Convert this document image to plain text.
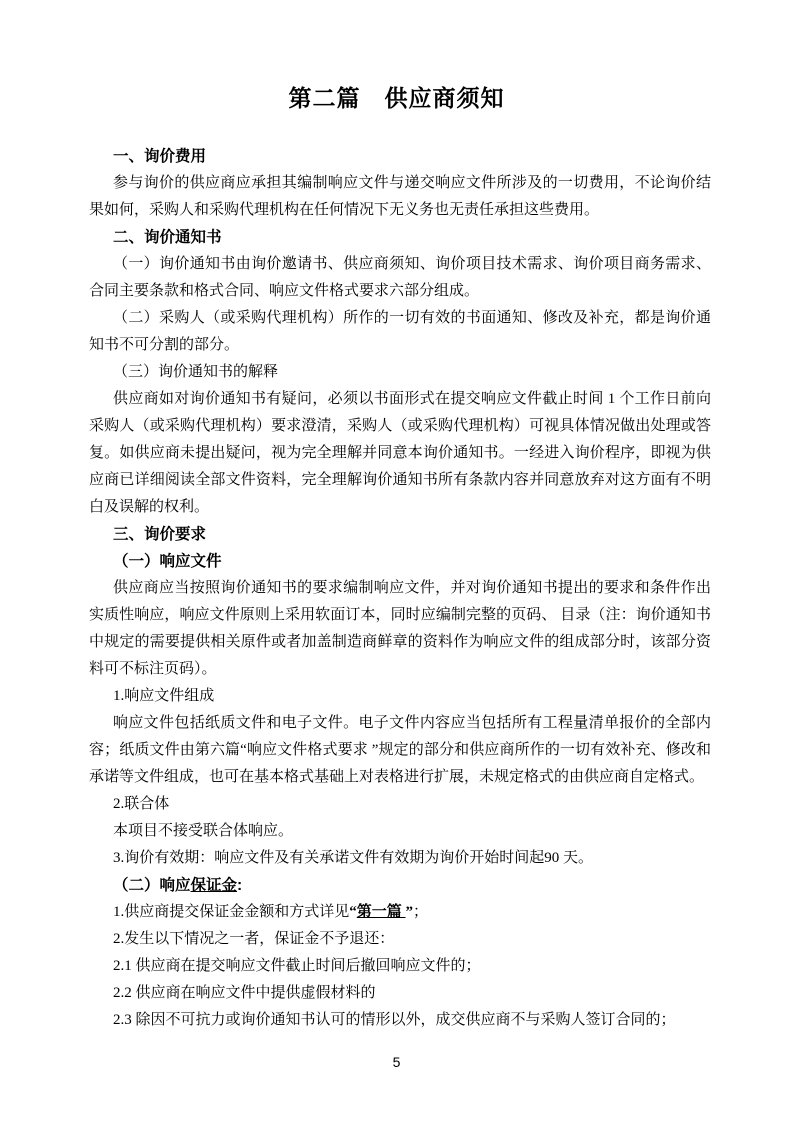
第二篇　供应商须知

一、询价费用

参与询价的供应商应承担其编制响应文件与递交响应文件所涉及的一切费用，不论询价结果如何，采购人和采购代理机构在任何情况下无义务也无责任承担这些费用。

二、询价通知书

（一）询价通知书由询价邀请书、供应商须知、询价项目技术需求、询价项目商务需求、合同主要条款和格式合同、响应文件格式要求六部分组成。

（二）采购人（或采购代理机构）所作的一切有效的书面通知、修改及补充，都是询价通知书不可分割的部分。

（三）询价通知书的解释

供应商如对询价通知书有疑问，必须以书面形式在提交响应文件截止时间 1 个工作日前向采购人（或采购代理机构）要求澄清，采购人（或采购代理机构）可视具体情况做出处理或答复。如供应商未提出疑问，视为完全理解并同意本询价通知书。一经进入询价程序，即视为供应商已详细阅读全部文件资料，完全理解询价通知书所有条款内容并同意放弃对这方面有不明白及误解的权利。

三、询价要求

（一）响应文件

供应商应当按照询价通知书的要求编制响应文件，并对询价通知书提出的要求和条件作出实质性响应，响应文件原则上采用软面订本，同时应编制完整的页码、 目录（注：询价通知书中规定的需要提供相关原件或者加盖制造商鲜章的资料作为响应文件的组成部分时，该部分资料可不标注页码）。

1.响应文件组成

响应文件包括纸质文件和电子文件。电子文件内容应当包括所有工程量清单报价的全部内容；纸质文件由第六篇“响应文件格式要求 ”规定的部分和供应商所作的一切有效补充、修改和承诺等文件组成，也可在基本格式基础上对表格进行扩展，未规定格式的由供应商自定格式。

2.联合体

本项目不接受联合体响应。

3.询价有效期：响应文件及有关承诺文件有效期为询价开始时间起90 天。

（二）响应保证金:

1.供应商提交保证金金额和方式详见“第一篇 ”；

2.发生以下情况之一者，保证金不予退还：

2.1 供应商在提交响应文件截止时间后撤回响应文件的；

2.2 供应商在响应文件中提供虚假材料的

2.3 除因不可抗力或询价通知书认可的情形以外，成交供应商不与采购人签订合同的；

5
